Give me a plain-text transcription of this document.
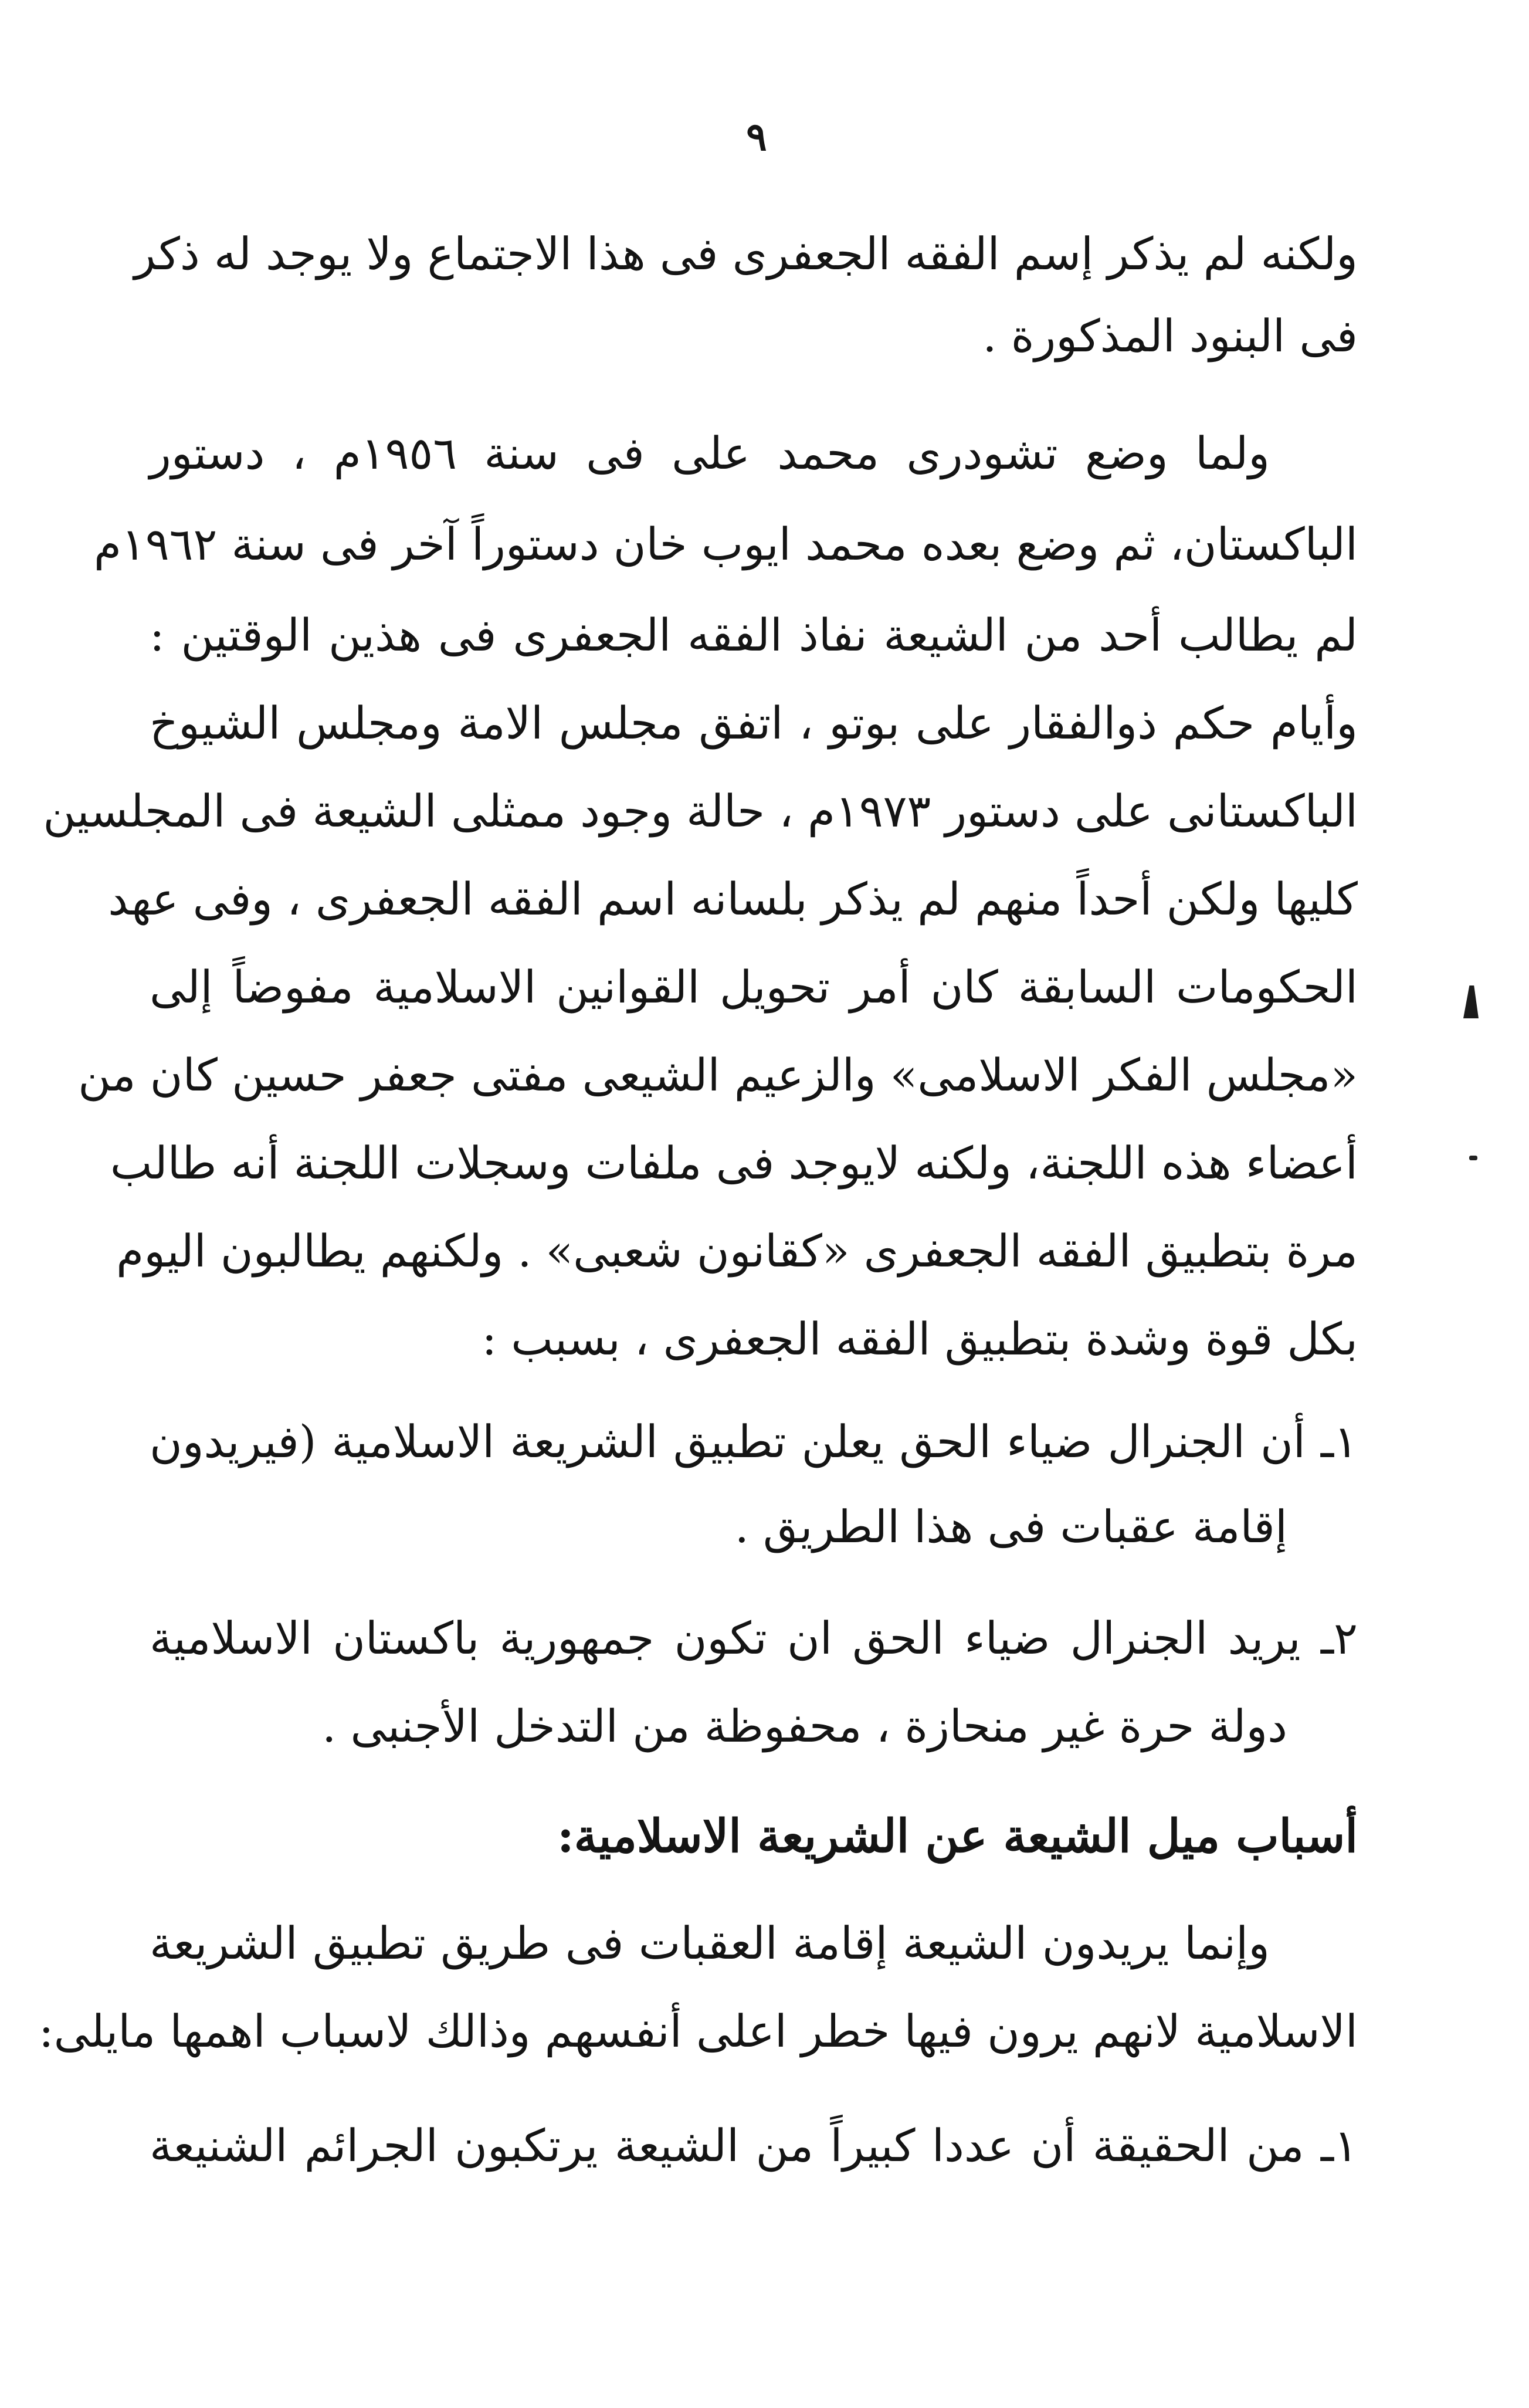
٩
ولكنه لم يذكر إسم الفقه الجعفرى فى هذا الاجتماع ولا يوجد له ذكر
فى البنود المذكورة .
ولما وضع تشودرى محمد على فى سنة ١٩٥٦م ، دستور
الباكستان، ثم وضع بعده محمد ايوب خان دستوراً آخر فى سنة ١٩٦٢م
لم يطالب أحد من الشيعة نفاذ الفقه الجعفرى فى هذين الوقتين :
وأيام حكم ذوالفقار على بوتو ، اتفق مجلس الامة ومجلس الشيوخ
الباكستانى على دستور ١٩٧٣م ، حالة وجود ممثلى الشيعة فى المجلسين
كليها ولكن أحداً منهم لم يذكر بلسانه اسم الفقه الجعفرى ، وفى عهد
الحكومات السابقة كان أمر تحويل القوانين الاسلامية مفوضاً إلى
«مجلس الفكر الاسلامى» والزعيم الشيعى مفتى جعفر حسين كان من
أعضاء هذه اللجنة، ولكنه لايوجد فى ملفات وسجلات اللجنة أنه طالب
مرة بتطبيق الفقه الجعفرى «كقانون شعبى» . ولكنهم يطالبون اليوم
بكل قوة وشدة بتطبيق الفقه الجعفرى ، بسبب :
١ـ أن الجنرال ضياء الحق يعلن تطبيق الشريعة الاسلامية (فيريدون
إقامة عقبات فى هذا الطريق .
٢ـ يريد الجنرال ضياء الحق ان تكون جمهورية باكستان الاسلامية
دولة حرة غير منحازة ، محفوظة من التدخل الأجنبى .
أسباب ميل الشيعة عن الشريعة الاسلامية:
وإنما يريدون الشيعة إقامة العقبات فى طريق تطبيق الشريعة
الاسلامية لانهم يرون فيها خطر اعلى أنفسهم وذالك لاسباب اهمها مايلى:
١ـ من الحقيقة أن عددا كبيراً من الشيعة يرتكبون الجرائم الشنيعة
